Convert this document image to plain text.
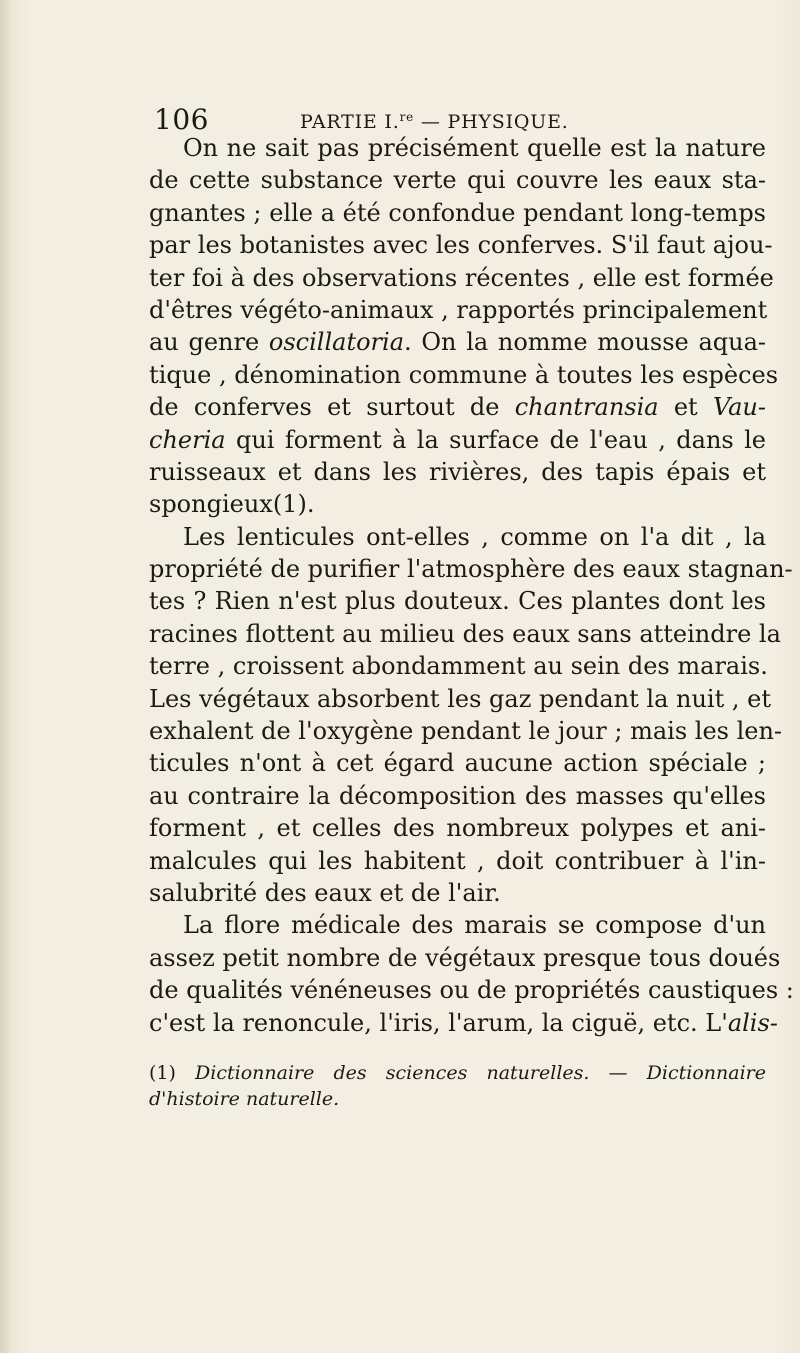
106	PARTIE I.$^{re}$ — PHYSIQUE.
On ne sait pas précisément quelle est la nature
de cette substance verte qui couvre les eaux sta-
gnantes ; elle a été confondue pendant long-temps
par les botanistes avec les conferves. S'il faut ajou-
ter foi à des observations récentes , elle est formée
d'êtres végéto-animaux , rapportés principalement
au genre oscillatoria. On la nomme mousse aqua-
tique , dénomination commune à toutes les espèces
de conferves et surtout de chantransia et Vau-
cheria qui forment à la surface de l'eau , dans le
ruisseaux et dans les rivières, des tapis épais et
spongieux(1).
Les lenticules ont-elles , comme on l'a dit , la
propriété de purifier l'atmosphère des eaux stagnan-
tes ? Rien n'est plus douteux. Ces plantes dont les
racines flottent au milieu des eaux sans atteindre la
terre , croissent abondamment au sein des marais.
Les végétaux absorbent les gaz pendant la nuit , et
exhalent de l'oxygène pendant le jour ; mais les len-
ticules n'ont à cet égard aucune action spéciale ;
au contraire la décomposition des masses qu'elles
forment , et celles des nombreux polypes et ani-
malcules qui les habitent , doit contribuer à l'in-
salubrité des eaux et de l'air.
La flore médicale des marais se compose d'un
assez petit nombre de végétaux presque tous doués
de qualités vénéneuses ou de propriétés caustiques :
c'est la renoncule, l'iris, l'arum, la ciguë, etc. L'alis-
(1) Dictionnaire des sciences naturelles. — Dictionnaire
d'histoire naturelle.
